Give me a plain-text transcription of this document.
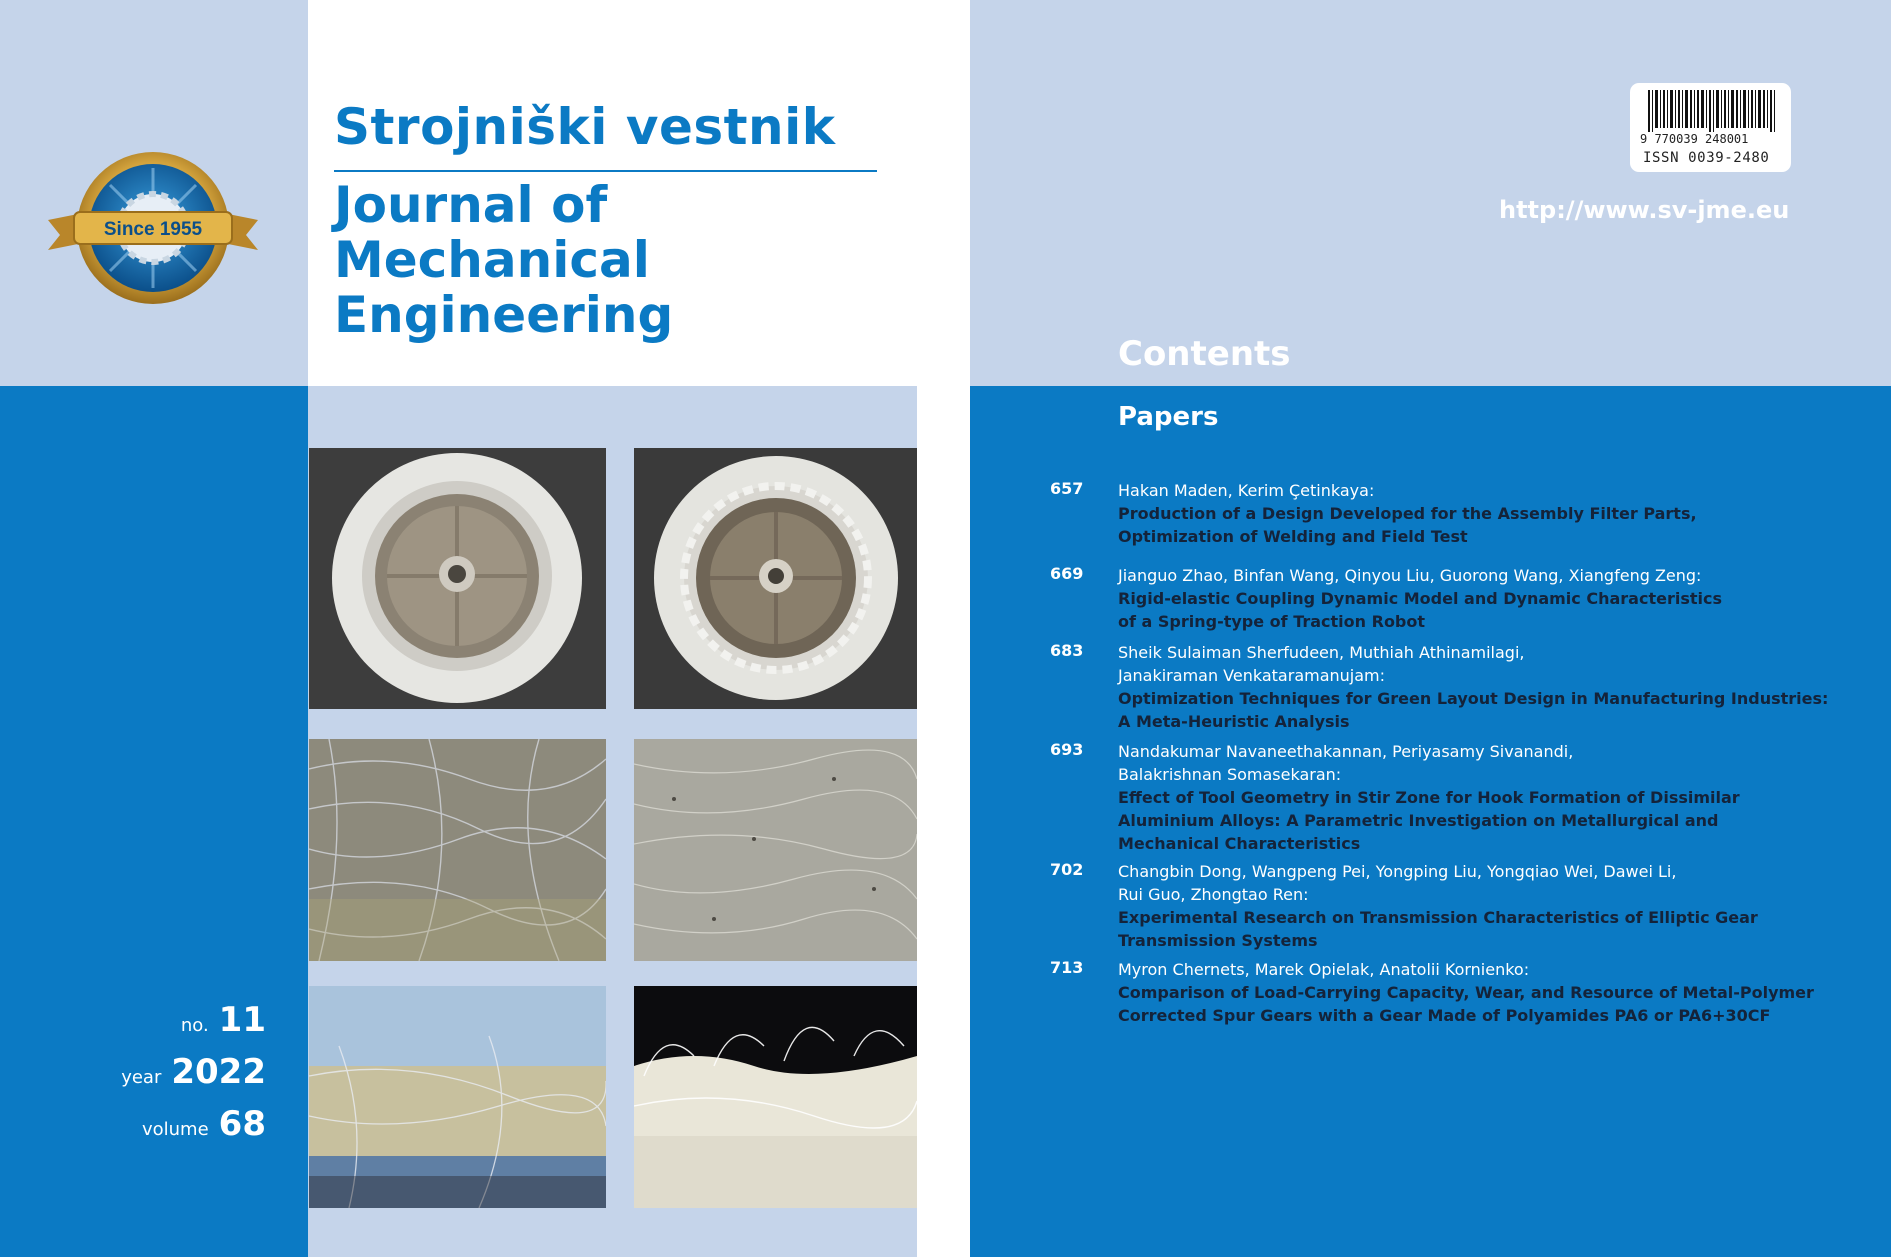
Strojniški vestnik
Journal of Mechanical
Engineering
Since 1955
no. 11
year 2022
volume 68
9 770039 248001
ISSN 0039-2480
http://www.sv-jme.eu
Contents
Papers
657 Hakan Maden, Kerim Çetinkaya:
Production of a Design Developed for the Assembly Filter Parts,
Optimization of Welding and Field Test
669 Jianguo Zhao, Binfan Wang, Qinyou Liu, Guorong Wang, Xiangfeng Zeng:
Rigid-elastic Coupling Dynamic Model and Dynamic Characteristics
of a Spring-type of Traction Robot
683 Sheik Sulaiman Sherfudeen, Muthiah Athinamilagi,
Janakiraman Venkataramanujam:
Optimization Techniques for Green Layout Design in Manufacturing Industries:
A Meta-Heuristic Analysis
693 Nandakumar Navaneethakannan, Periyasamy Sivanandi,
Balakrishnan Somasekaran:
Effect of Tool Geometry in Stir Zone for Hook Formation of Dissimilar
Aluminium Alloys: A Parametric Investigation on Metallurgical and
Mechanical Characteristics
702 Changbin Dong, Wangpeng Pei, Yongping Liu, Yongqiao Wei, Dawei Li,
Rui Guo, Zhongtao Ren:
Experimental Research on Transmission Characteristics of Elliptic Gear
Transmission Systems
713 Myron Chernets, Marek Opielak, Anatolii Kornienko:
Comparison of Load-Carrying Capacity, Wear, and Resource of Metal-Polymer
Corrected Spur Gears with a Gear Made of Polyamides PA6 or PA6+30CF
